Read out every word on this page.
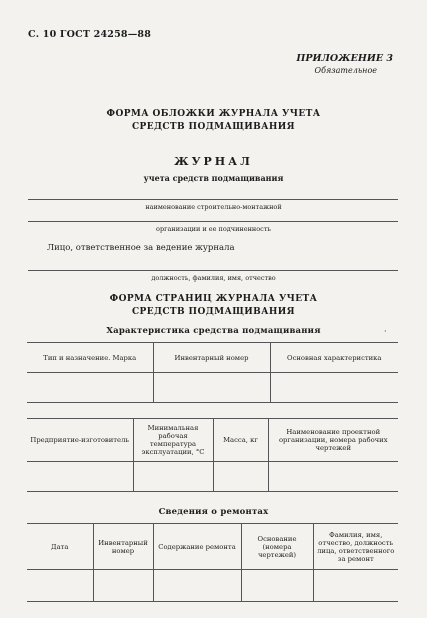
С. 10 ГОСТ 24258—88
ПРИЛОЖЕНИЕ 3
Обязательное
ФОРМА ОБЛОЖКИ ЖУРНАЛА УЧЕТА
СРЕДСТВ ПОДМАЩИВАНИЯ
ЖУРНАЛ
учета средств подмащивания
наименование строительно-монтажной
организации и ее подчиненность
Лицо, ответственное за ведение журнала
должность, фамилия, имя, отчество
ФОРМА СТРАНИЦ ЖУРНАЛА УЧЕТА
СРЕДСТВ ПОДМАЩИВАНИЯ
Характеристика средства подмащивания	·
Тип и назначение. Марка	Инвентарный номер	Основная характеристика

Предприятие-изготовитель	Минимальная рабочая температура эксплуатации, °С	Масса, кг	Наименование проектной организации, номера рабочих чертежей

Сведения о ремонтах
Дата	Инвентарный номер	Содержание ремонта	Основание (номера чертежей)	Фамилия, имя, отчество, должность лица, ответственного за ремонт
